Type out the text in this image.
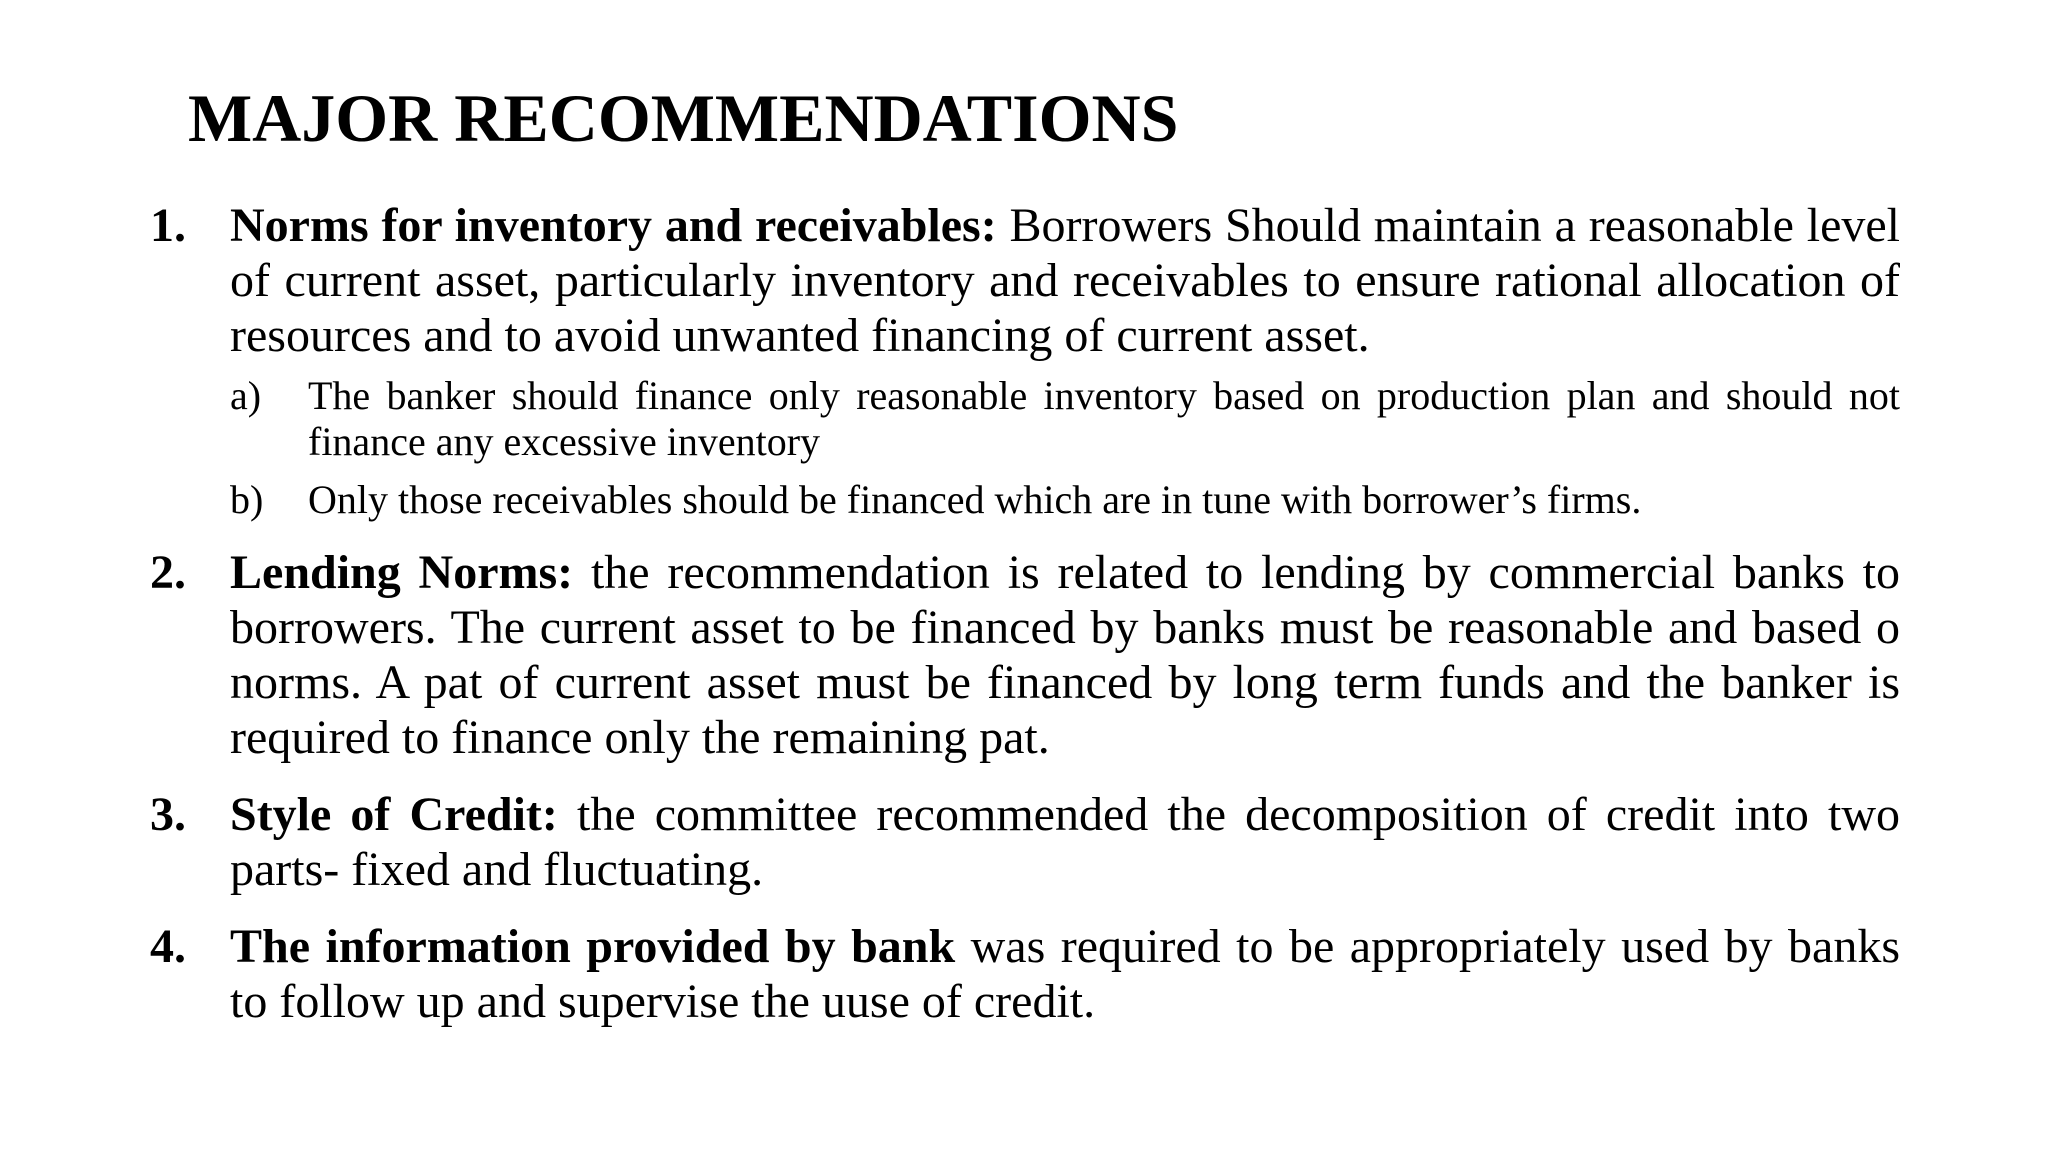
MAJOR RECOMMENDATIONS
1. Norms for inventory and receivables: Borrowers Should maintain a reasonable level of current asset, particularly inventory and receivables to ensure rational allocation of resources and to avoid unwanted financing of current asset.
a) The banker should finance only reasonable inventory based on production plan and should not finance any excessive inventory
b) Only those receivables should be financed which are in tune with borrower’s firms.
2. Lending Norms: the recommendation is related to lending by commercial banks to borrowers. The current asset to be financed by banks must be reasonable and based o norms. A pat of current asset must be financed by long term funds and the banker is required to finance only the remaining pat.
3. Style of Credit: the committee recommended the decomposition of credit into two parts- fixed and fluctuating.
4. The information provided by bank was required to be appropriately used by banks to follow up and supervise the uuse of credit.
